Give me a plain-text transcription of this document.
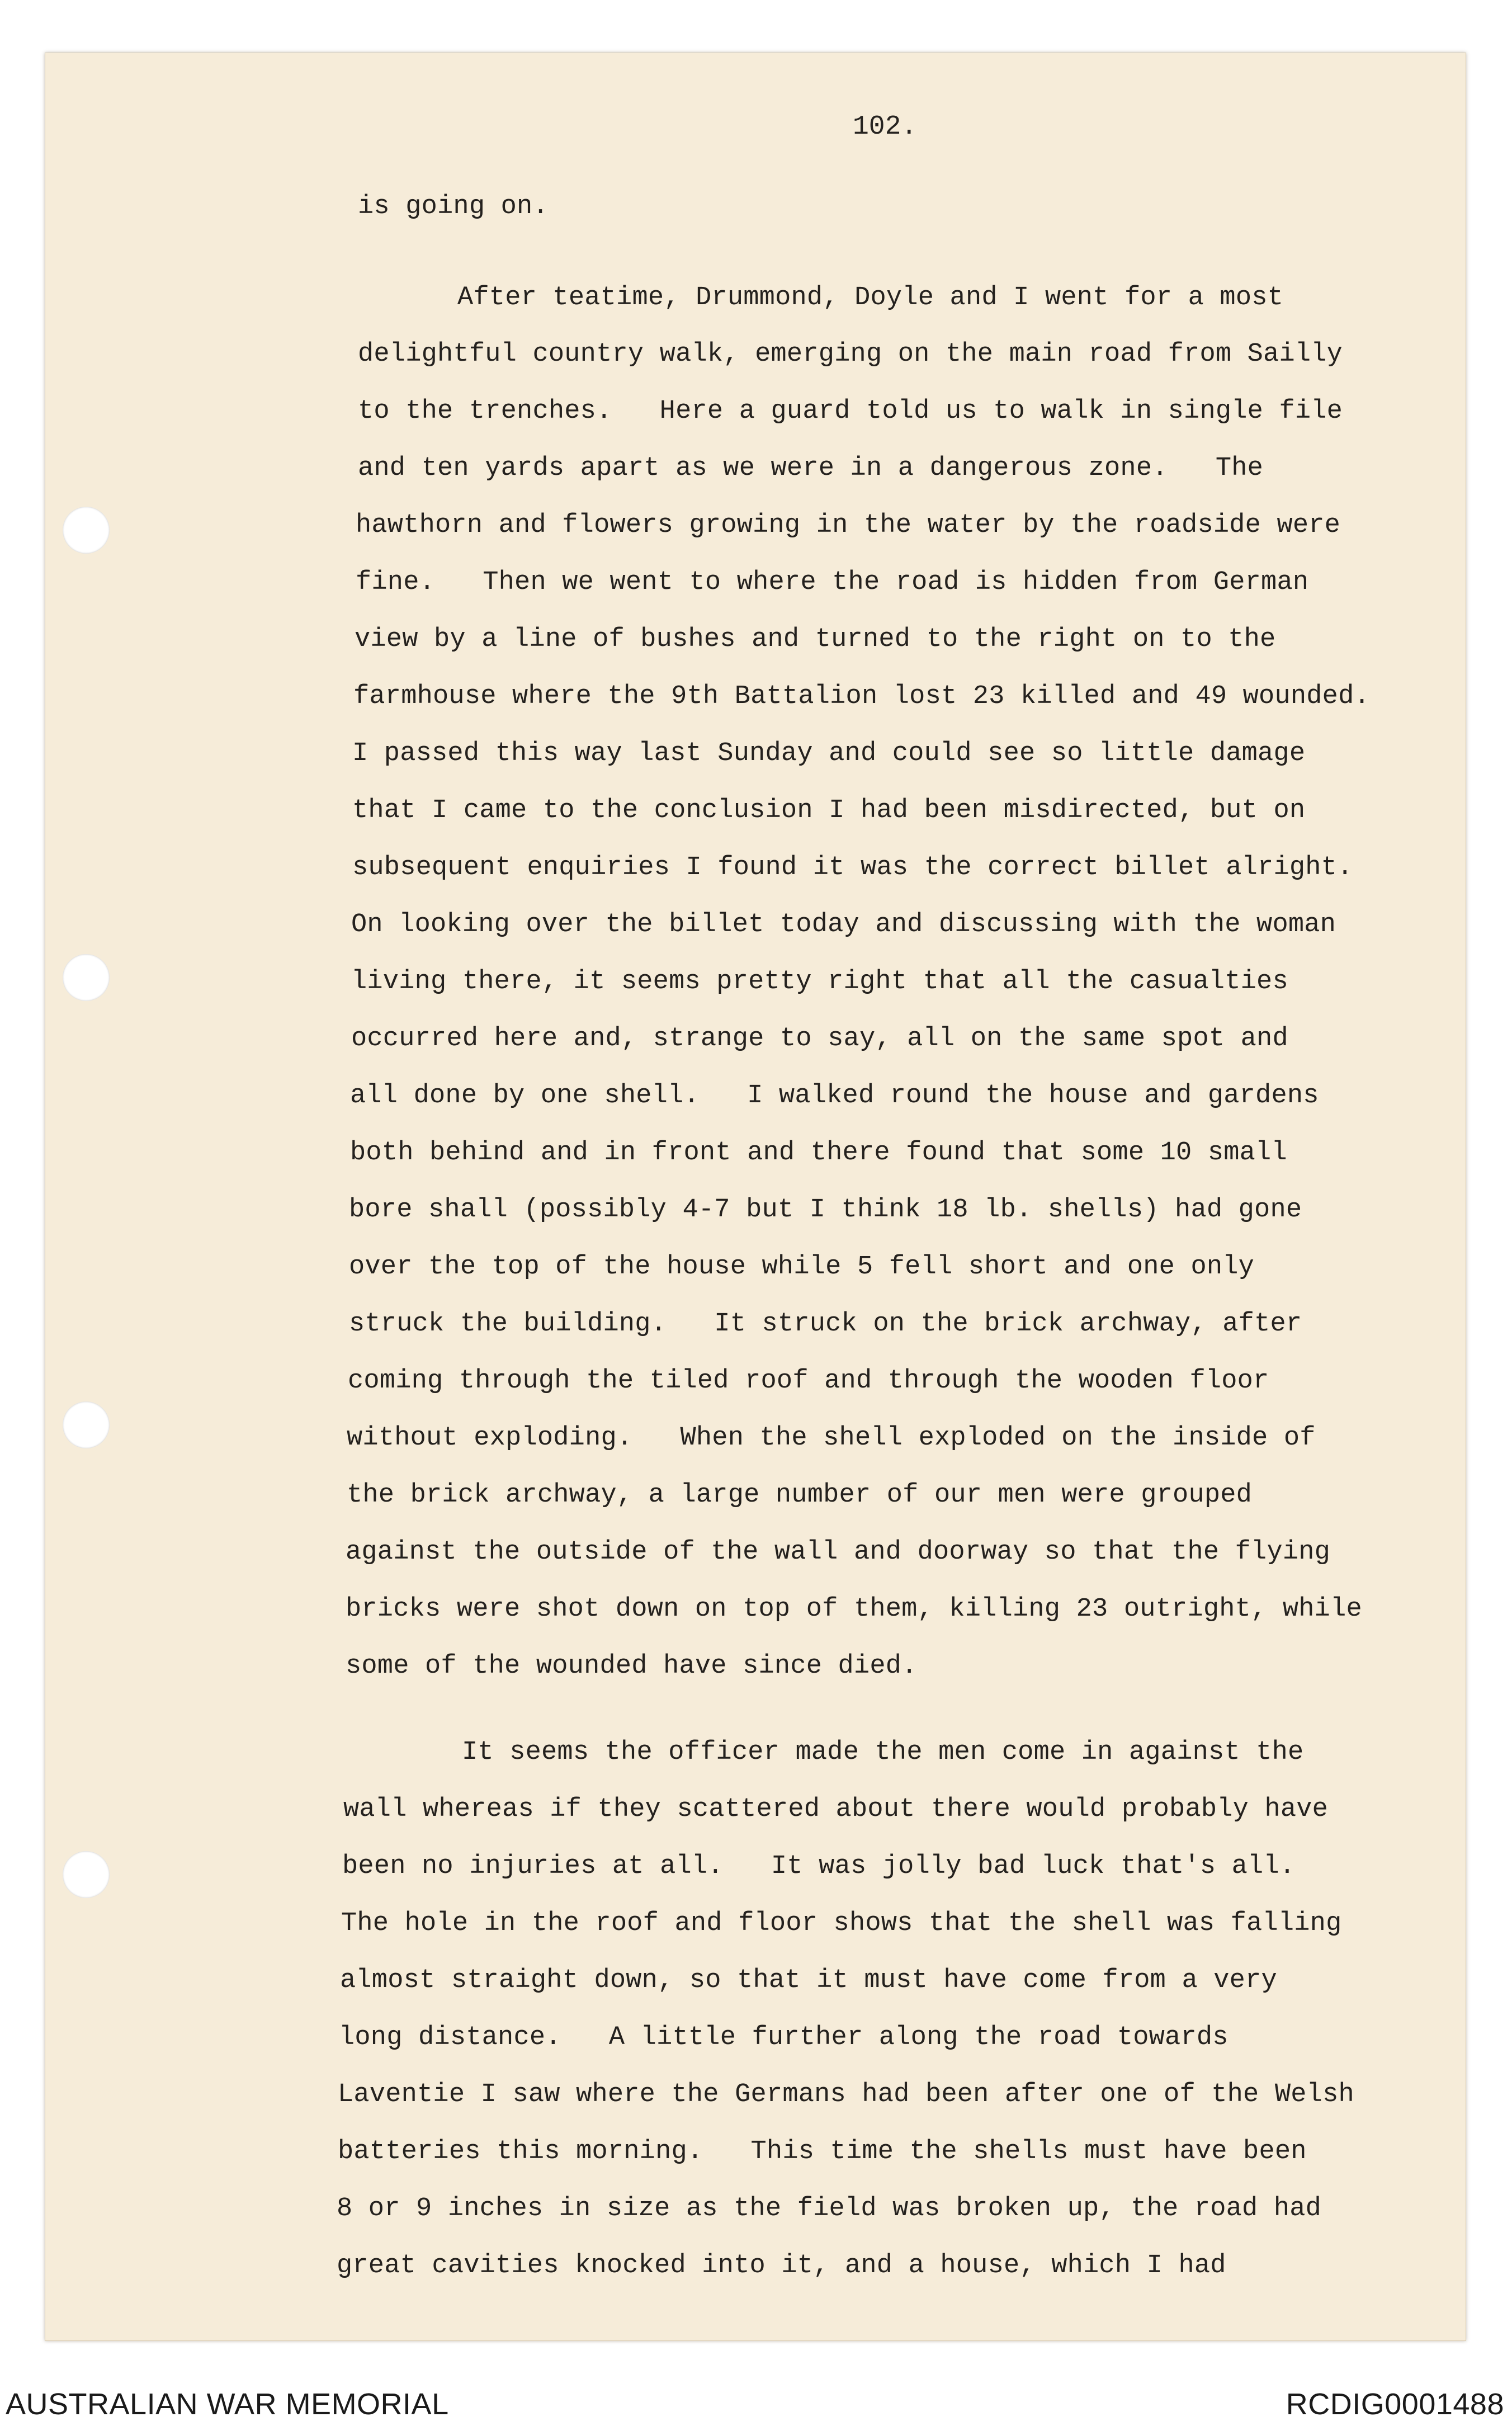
102.
is going on.
After teatime, Drummond, Doyle and I went for a most
delightful country walk, emerging on the main road from Sailly
to the trenches.   Here a guard told us to walk in single file
and ten yards apart as we were in a dangerous zone.   The
hawthorn and flowers growing in the water by the roadside were
fine.   Then we went to where the road is hidden from German
view by a line of bushes and turned to the right on to the
farmhouse where the 9th Battalion lost 23 killed and 49 wounded.
I passed this way last Sunday and could see so little damage
that I came to the conclusion I had been misdirected, but on
subsequent enquiries I found it was the correct billet alright.
On looking over the billet today and discussing with the woman
living there, it seems pretty right that all the casualties
occurred here and, strange to say, all on the same spot and
all done by one shell.   I walked round the house and gardens
both behind and in front and there found that some 10 small
bore shall (possibly 4-7 but I think 18 lb. shells) had gone
over the top of the house while 5 fell short and one only
struck the building.   It struck on the brick archway, after
coming through the tiled roof and through the wooden floor
without exploding.   When the shell exploded on the inside of
the brick archway, a large number of our men were grouped
against the outside of the wall and doorway so that the flying
bricks were shot down on top of them, killing 23 outright, while
some of the wounded have since died.
It seems the officer made the men come in against the
wall whereas if they scattered about there would probably have
been no injuries at all.   It was jolly bad luck that's all.
The hole in the roof and floor shows that the shell was falling
almost straight down, so that it must have come from a very
long distance.   A little further along the road towards
Laventie I saw where the Germans had been after one of the Welsh
batteries this morning.   This time the shells must have been
8 or 9 inches in size as the field was broken up, the road had
great cavities knocked into it, and a house, which I had
AUSTRALIAN WAR MEMORIAL	RCDIG0001488
